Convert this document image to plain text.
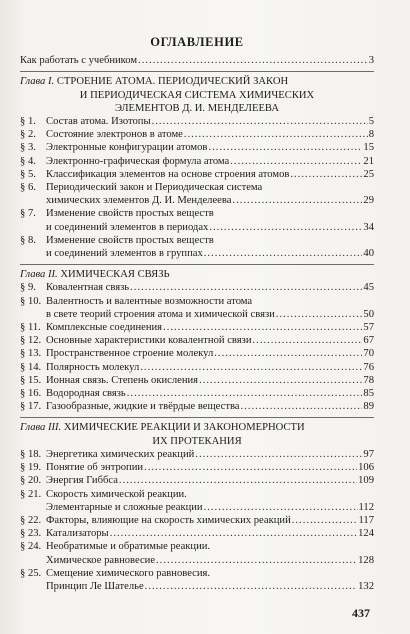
ОГЛАВЛЕНИЕ
Как работать с учебником .....	3
Глава I. СТРОЕНИЕ АТОМА. ПЕРИОДИЧЕСКИЙ ЗАКОН
И ПЕРИОДИЧЕСКАЯ СИСТЕМА ХИМИЧЕСКИХ
ЭЛЕМЕНТОВ Д. И. МЕНДЕЛЕЕВА
§ 1. Состав атома. Изотопы .....	5
§ 2. Состояние электронов в атоме .....	8
§ 3. Электронные конфигурации атомов .....	15
§ 4. Электронно-графическая формула атома .....	21
§ 5. Классификация элементов на основе строения атомов .....	25
§ 6. Периодический закон и Периодическая система
химических элементов Д. И. Менделеева .....	29
§ 7. Изменение свойств простых веществ
и соединений элементов в периодах .....	34
§ 8. Изменение свойств простых веществ
и соединений элементов в группах .....	40
Глава II. ХИМИЧЕСКАЯ СВЯЗЬ
§ 9. Ковалентная связь .....	45
§ 10. Валентность и валентные возможности атома
в свете теорий строения атома и химической связи .....	50
§ 11. Комплексные соединения .....	57
§ 12. Основные характеристики ковалентной связи .....	67
§ 13. Пространственное строение молекул .....	70
§ 14. Полярность молекул .....	76
§ 15. Ионная связь. Степень окисления .....	78
§ 16. Водородная связь .....	85
§ 17. Газообразные, жидкие и твёрдые вещества .....	89
Глава III. ХИМИЧЕСКИЕ РЕАКЦИИ И ЗАКОНОМЕРНОСТИ
ИХ ПРОТЕКАНИЯ
§ 18. Энергетика химических реакций .....	97
§ 19. Понятие об энтропии .....	106
§ 20. Энергия Гиббса .....	109
§ 21. Скорость химической реакции.
Элементарные и сложные реакции .....	112
§ 22. Факторы, влияющие на скорость химических реакций .....	117
§ 23. Катализаторы .....	124
§ 24. Необратимые и обратимые реакции.
Химическое равновесие .....	128
§ 25. Смещение химического равновесия.
Принцип Ле Шателье .....	132
437
